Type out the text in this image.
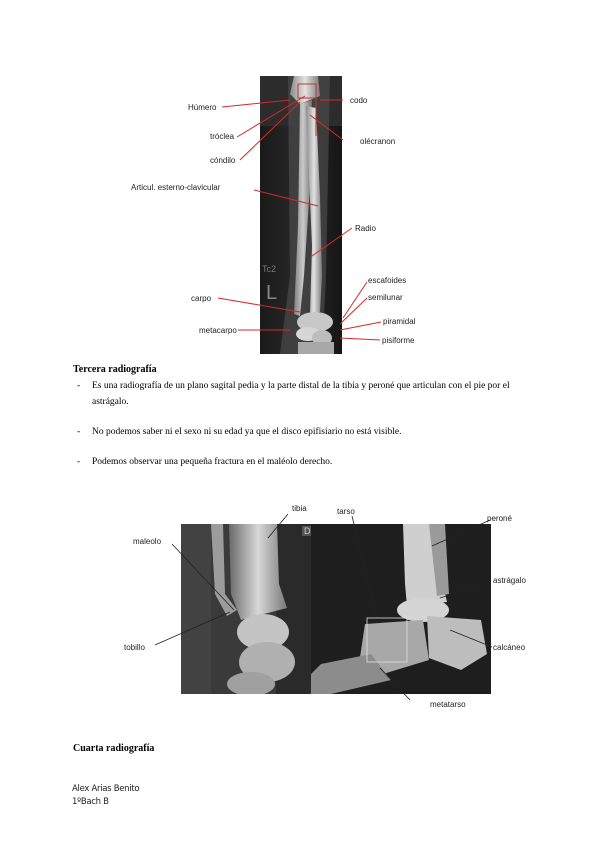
Tc2
L
Húmero
codo
tróclea
olécranon
cóndilo
Articul. esterno-clavicular
Radio
escafoides
carpo	semilunar
piramidal
metacarpo
pisiforme
Tercera radiografía
- Es una radiografía de un plano sagital pedia y la parte distal de la tibia y peroné que articulan con el pie por el astrágalo.
- No podemos saber ni el sexo ni su edad ya que el disco epifisiario no está visible.
- Podemos observar una pequeña fractura en el maléolo derecho.
D
tibia	tarso
peroné
maleolo
astrágalo
tobillo	calcáneo
metatarso
Cuarta radiografía
Alex Arias Benito
1ºBach B
